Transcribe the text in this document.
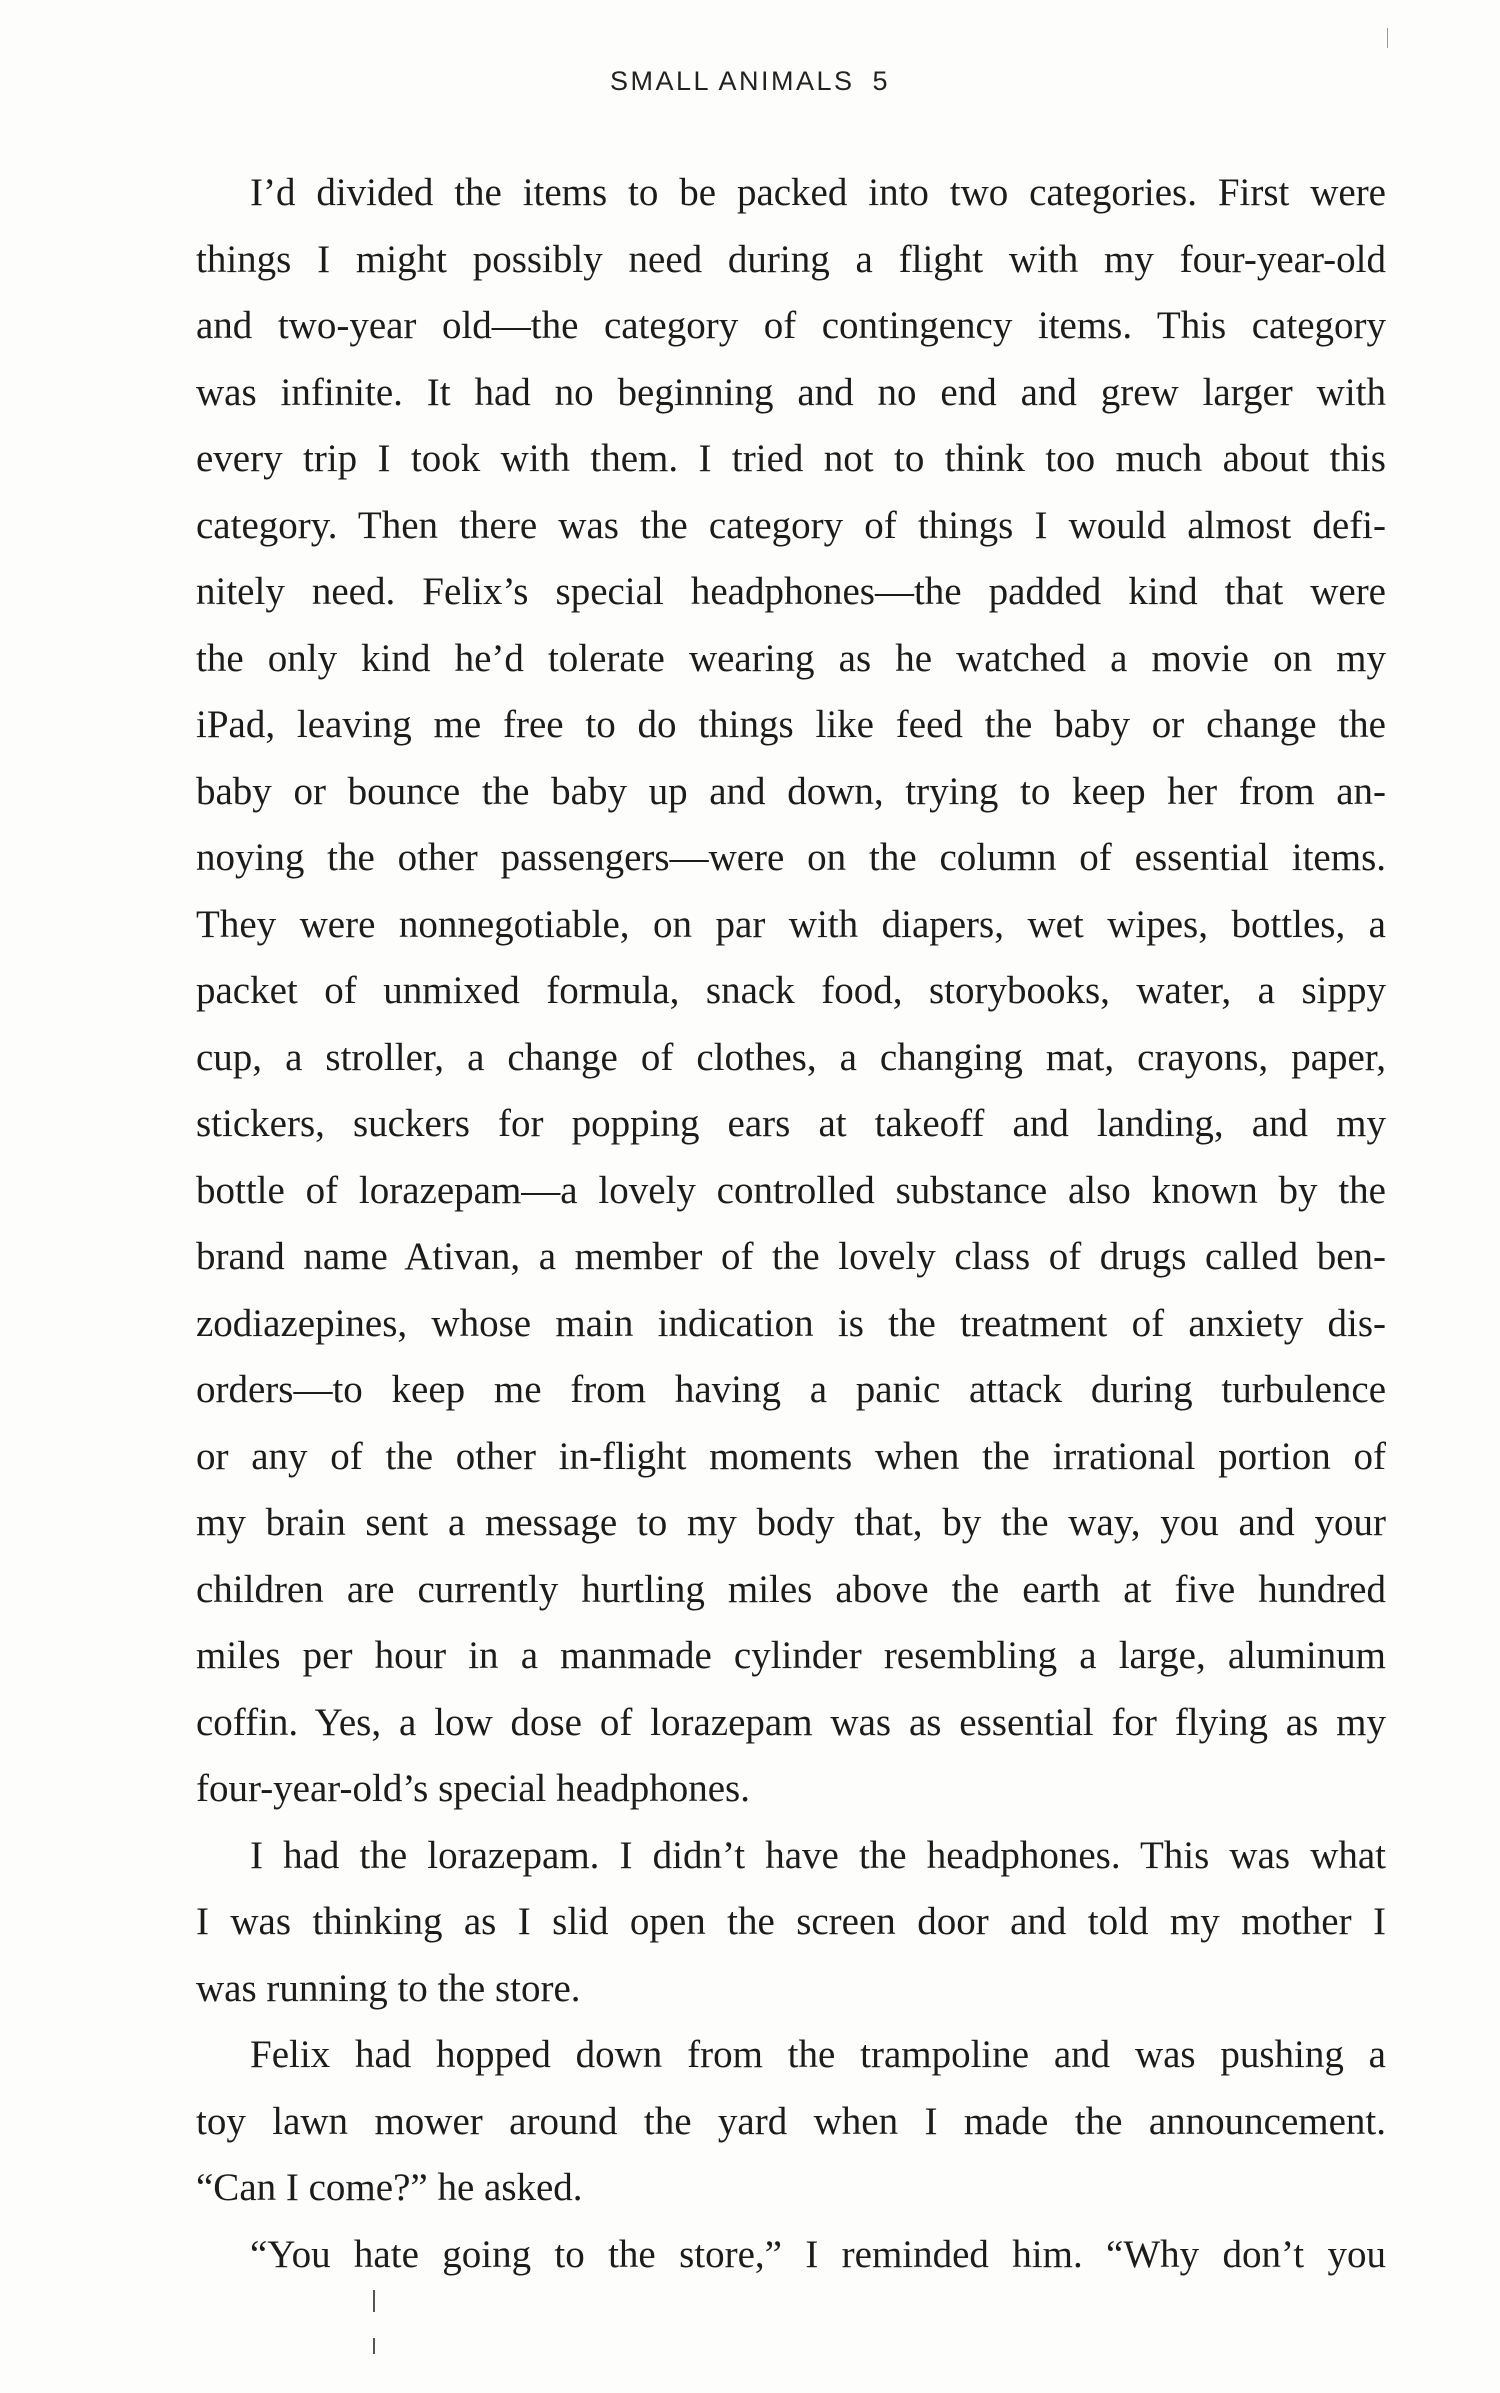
SMALL ANIMALS 5
I’d divided the items to be packed into two categories. First were
things I might possibly need during a flight with my four-year-old
and two-year old—the category of contingency items. This category
was infinite. It had no beginning and no end and grew larger with
every trip I took with them. I tried not to think too much about this
category. Then there was the category of things I would almost defi-
nitely need. Felix’s special headphones—the padded kind that were
the only kind he’d tolerate wearing as he watched a movie on my
iPad, leaving me free to do things like feed the baby or change the
baby or bounce the baby up and down, trying to keep her from an-
noying the other passengers—were on the column of essential items.
They were nonnegotiable, on par with diapers, wet wipes, bottles, a
packet of unmixed formula, snack food, storybooks, water, a sippy
cup, a stroller, a change of clothes, a changing mat, crayons, paper,
stickers, suckers for popping ears at takeoff and landing, and my
bottle of lorazepam—a lovely controlled substance also known by the
brand name Ativan, a member of the lovely class of drugs called ben-
zodiazepines, whose main indication is the treatment of anxiety dis-
orders—to keep me from having a panic attack during turbulence
or any of the other in-flight moments when the irrational portion of
my brain sent a message to my body that, by the way, you and your
children are currently hurtling miles above the earth at five hundred
miles per hour in a manmade cylinder resembling a large, aluminum
coffin. Yes, a low dose of lorazepam was as essential for flying as my
four-year-old’s special headphones.
I had the lorazepam. I didn’t have the headphones. This was what
I was thinking as I slid open the screen door and told my mother I
was running to the store.
Felix had hopped down from the trampoline and was pushing a
toy lawn mower around the yard when I made the announcement.
“Can I come?” he asked.
“You hate going to the store,” I reminded him. “Why don’t you
